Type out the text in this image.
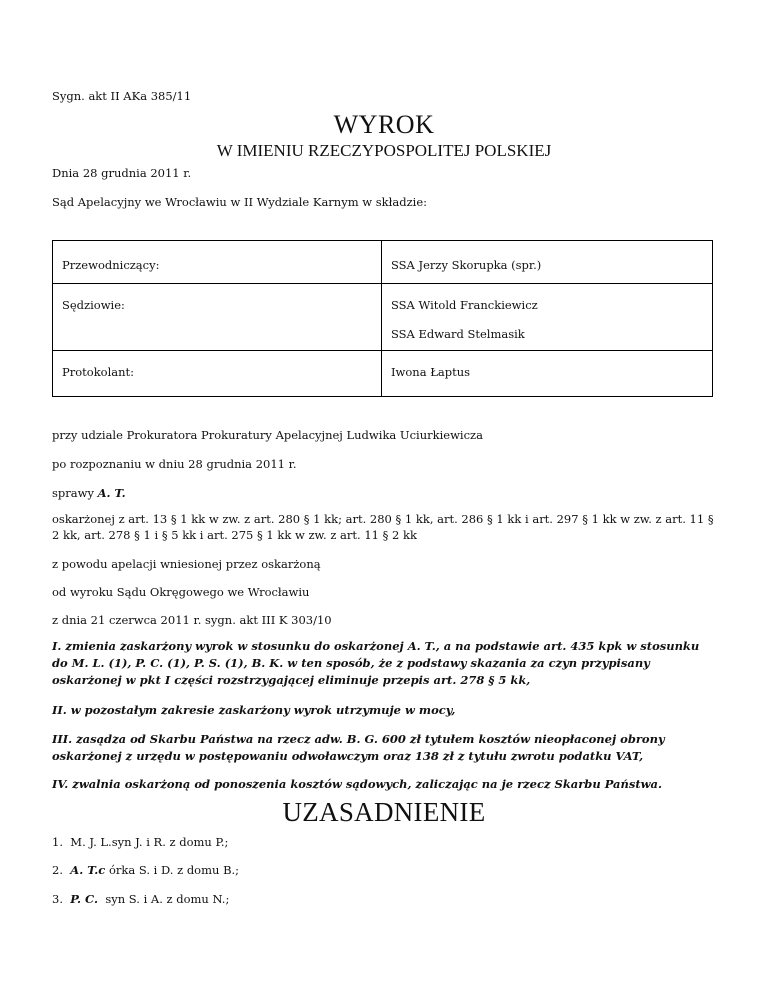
Sygn. akt II AKa 385/11
WYROK
W IMIENIU RZECZYPOSPOLITEJ POLSKIEJ
Dnia 28 grudnia 2011 r.
Sąd Apelacyjny we Wrocławiu w II Wydziale Karnym w składzie:
Przewodniczący:	SSA Jerzy Skorupka (spr.)
Sędziowie:	SSA Witold Franckiewicz
SSA Edward Stelmasik

Protokolant:	Iwona Łaptus
przy udziale Prokuratora Prokuratury Apelacyjnej Ludwika Uciurkiewicza
po rozpoznaniu w dniu 28 grudnia 2011 r.
sprawy A. T.
oskarżonej z art. 13 § 1 kk w zw. z art. 280 § 1 kk; art. 280 § 1 kk, art. 286 § 1 kk i art. 297 § 1 kk w zw. z art. 11 § 2 kk, art. 278 § 1 i § 5 kk i art. 275 § 1 kk w zw. z art. 11 § 2 kk
z powodu apelacji wniesionej przez oskarżoną
od wyroku Sądu Okręgowego we Wrocławiu
z dnia 21 czerwca 2011 r. sygn. akt III K 303/10
I. zmienia zaskarżony wyrok w stosunku do oskarżonej A. T., a na podstawie art. 435 kpk w stosunku do M. L. (1), P. C. (1), P. S. (1), B. K. w ten sposób, że z podstawy skazania za czyn przypisany oskarżonej w pkt I części rozstrzygającej eliminuje przepis art. 278 § 5 kk,
II. w pozostałym zakresie zaskarżony wyrok utrzymuje w mocy,
III. zasądza od Skarbu Państwa na rzecz adw. B. G. 600 zł tytułem kosztów nieopłaconej obrony oskarżonej z urzędu w postępowaniu odwoławczym oraz 138 zł z tytułu zwrotu podatku VAT,
IV. zwalnia oskarżoną od ponoszenia kosztów sądowych, zaliczając na je rzecz Skarbu Państwa.
UZASADNIENIE
1. M. J. L.syn J. i R. z domu P.;
2. A. T.c órka S. i D. z domu B.;
3. P. C.  syn S. i A. z domu N.;
